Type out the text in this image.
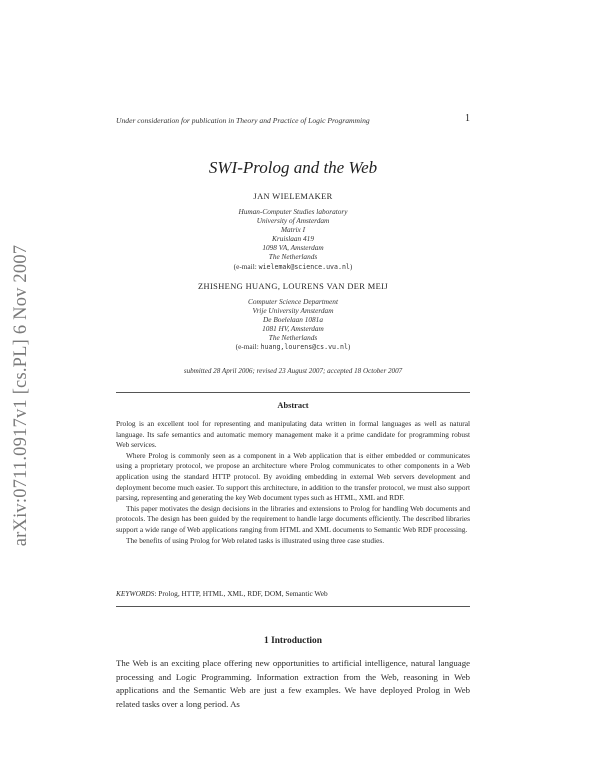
arXiv:0711.0917v1 [cs.PL] 6 Nov 2007
Under consideration for publication in Theory and Practice of Logic Programming	1
SWI-Prolog and the Web
JAN WIELEMAKER
Human-Computer Studies laboratory
University of Amsterdam
Matrix I
Kruislaan 419
1098 VA, Amsterdam
The Netherlands
(e-mail: wielemak@science.uva.nl)
ZHISHENG HUANG, LOURENS VAN DER MEIJ
Computer Science Department
Vrije University Amsterdam
De Boelelaan 1081a
1081 HV, Amsterdam
The Netherlands
(e-mail: huang,lourens@cs.vu.nl)
submitted 28 April 2006; revised 23 August 2007; accepted 18 October 2007
Abstract

Prolog is an excellent tool for representing and manipulating data written in formal languages as well as natural language. Its safe semantics and automatic memory management make it a prime candidate for programming robust Web services.

Where Prolog is commonly seen as a component in a Web application that is either embedded or communicates using a proprietary protocol, we propose an architecture where Prolog communicates to other components in a Web application using the standard HTTP protocol. By avoiding embedding in external Web servers development and deployment become much easier. To support this architecture, in addition to the transfer protocol, we must also support parsing, representing and generating the key Web document types such as HTML, XML and RDF.

This paper motivates the design decisions in the libraries and extensions to Prolog for handling Web documents and protocols. The design has been guided by the requirement to handle large documents efficiently. The described libraries support a wide range of Web applications ranging from HTML and XML documents to Semantic Web RDF processing.

The benefits of using Prolog for Web related tasks is illustrated using three case studies.

KEYWORDS: Prolog, HTTP, HTML, XML, RDF, DOM, Semantic Web
1 Introduction

The Web is an exciting place offering new opportunities to artificial intelligence, natural language processing and Logic Programming. Information extraction from the Web, reasoning in Web applications and the Semantic Web are just a few examples. We have deployed Prolog in Web related tasks over a long period. As
